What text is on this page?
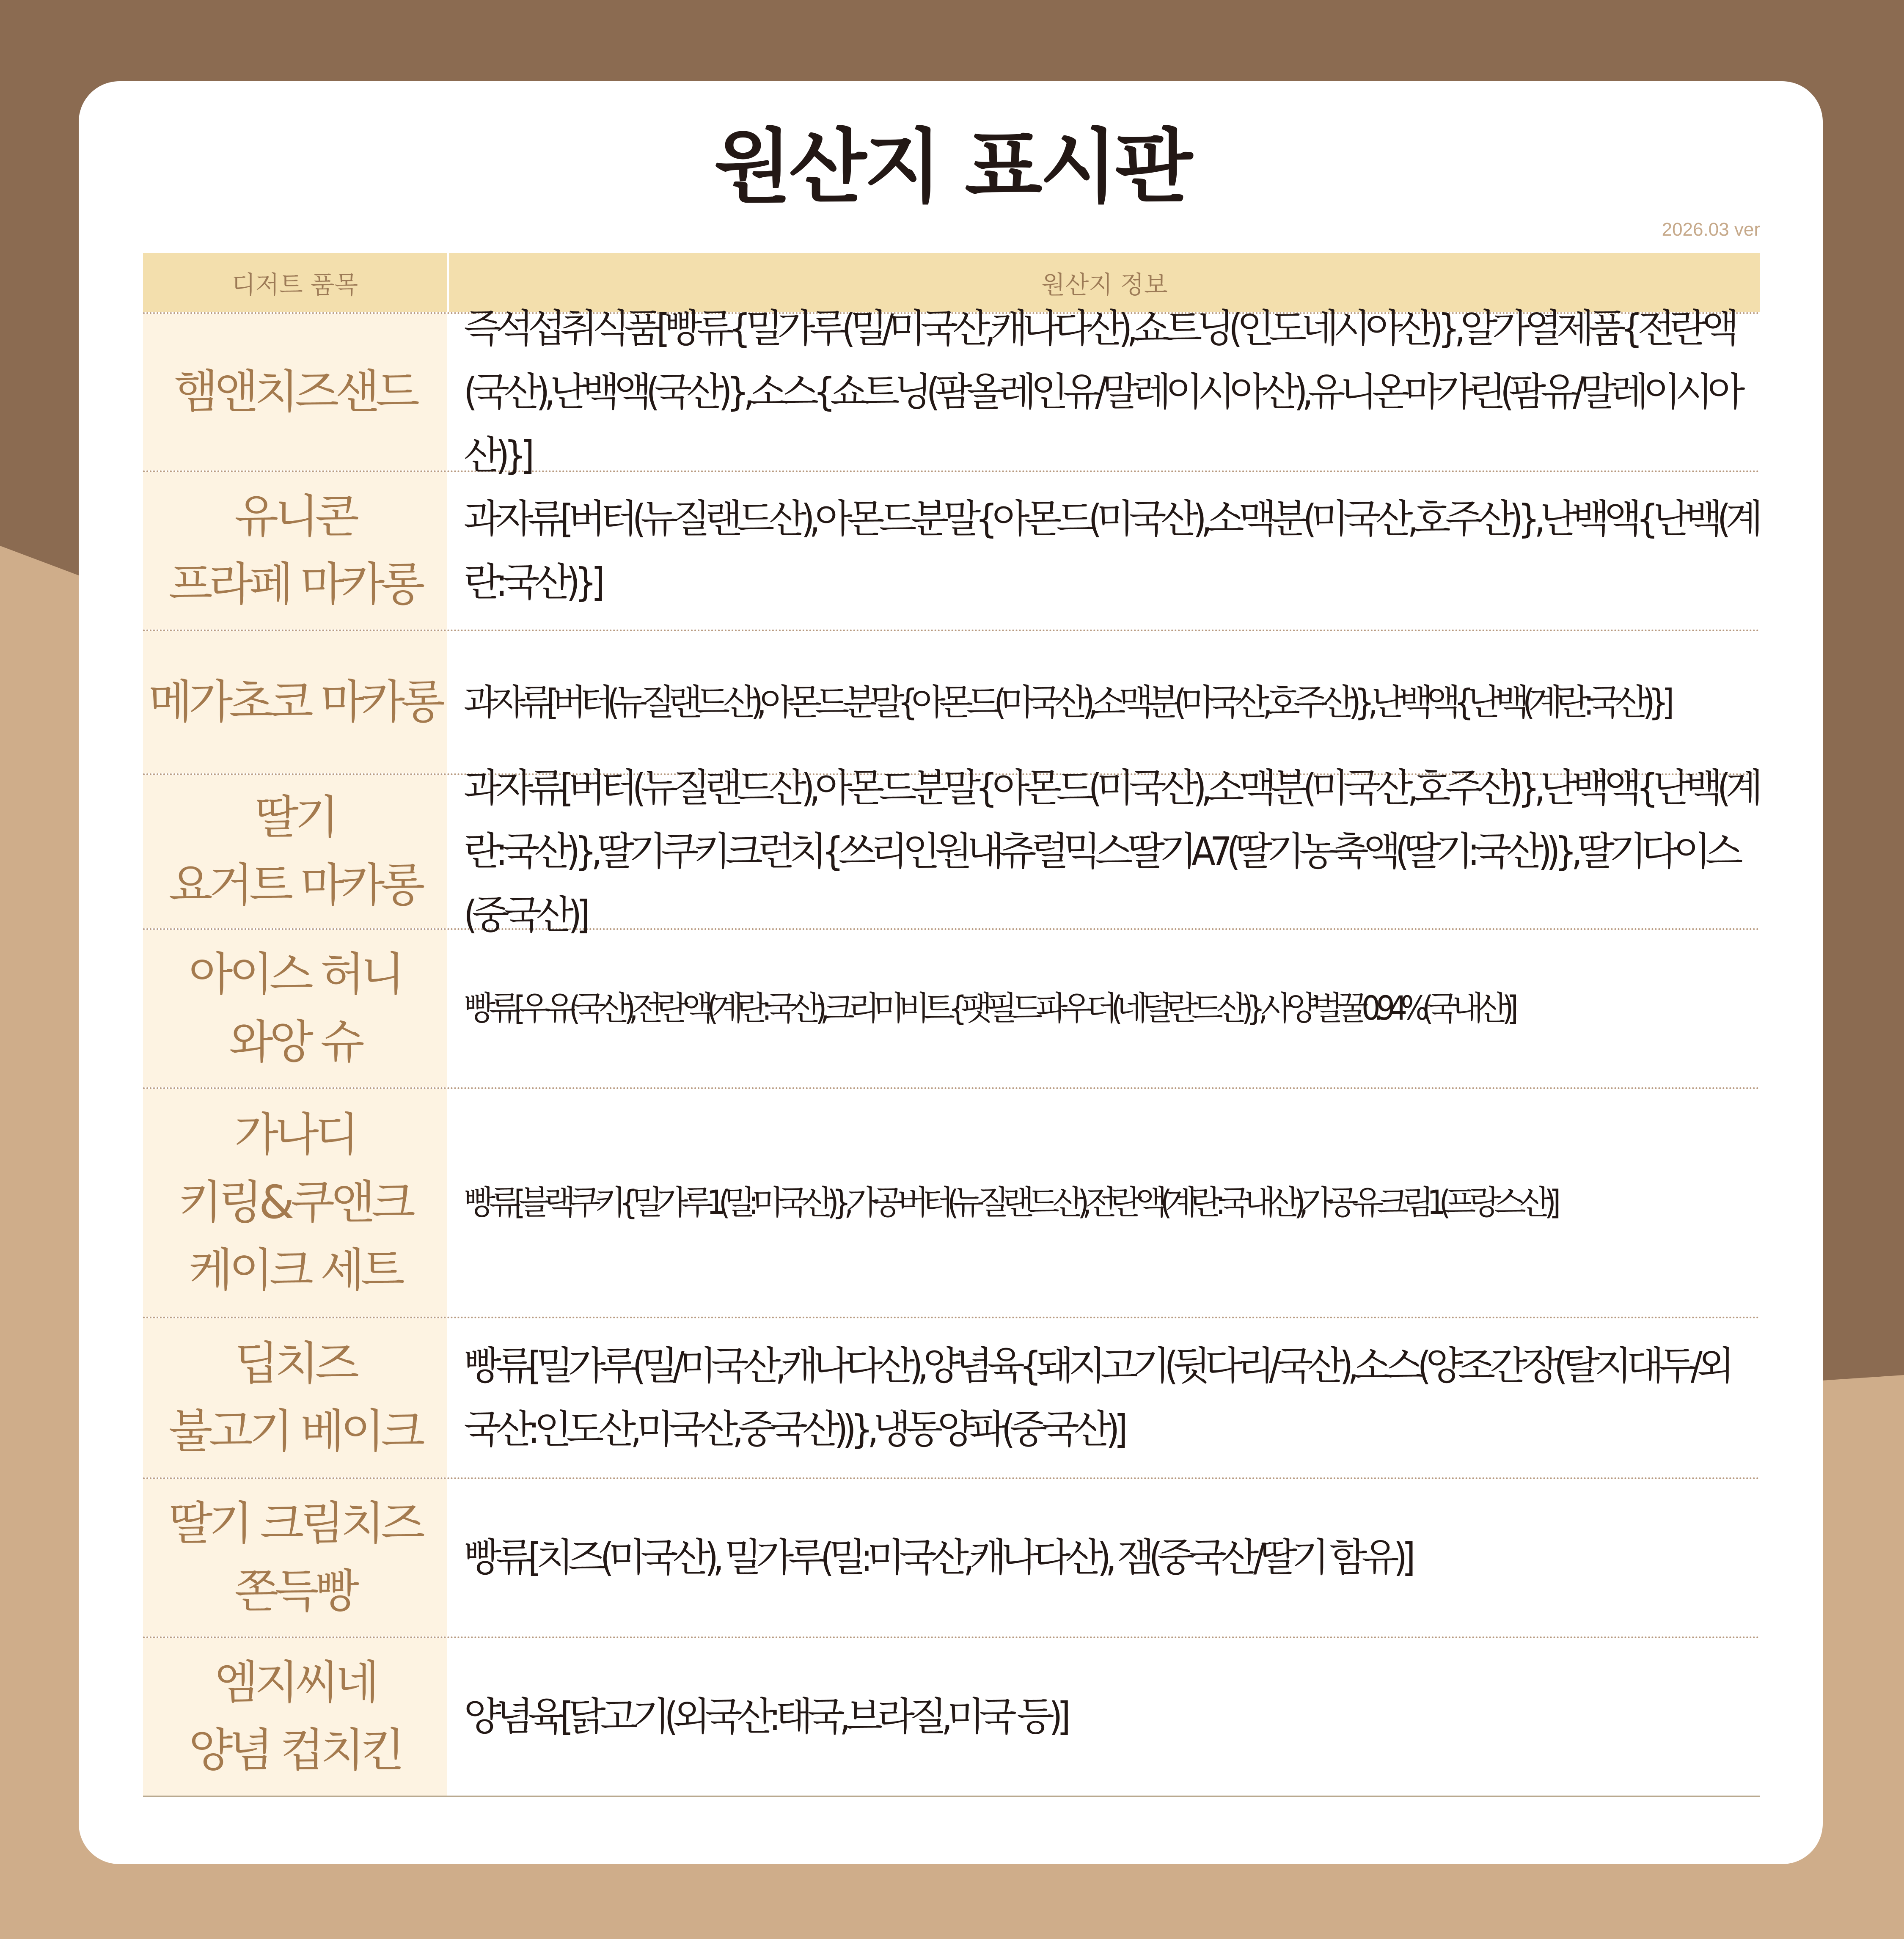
원산지 표시판
2026.03 ver
디저트 품목	원산지 정보
햄앤치즈샌드
즉석섭취식품[빵류{밀가루(밀/미국산,캐나다산),쇼트닝(인도네시아산)},알가열제품{전란액(국산),난백액(국산)},소스{쇼트닝(팜올레인유/말레이시아산),유니온마가린(팜유/말레이시아산)}]
유니콘
프라페 마카롱
과자류[버터(뉴질랜드산),아몬드분말{아몬드(미국산),소맥분(미국산,호주산)},난백액{난백(계란:국산)}]
메가초코 마카롱 과자류[버터(뉴질랜드산),아몬드분말{아몬드(미국산),소맥분(미국산,호주산)},난백액{난백(계란:국산)}]
딸기
요거트 마카롱
과자류[버터(뉴질랜드산),아몬드분말{아몬드(미국산),소맥분(미국산,호주산)},난백액{난백(계란:국산)},딸기쿠키크런치{쓰리인원내츄럴믹스딸기A7(딸기농축액(딸기:국산))},딸기다이스(중국산)]
아이스 허니
와앙 슈
빵류[우유(국산),전란액(계란:국산),크리미비트{팻필드파우더(네덜란드산)},사양벌꿀0.94%(국내산)]
가나디
키링&쿠앤크
케이크 세트
빵류[블랙쿠키{밀가루1(밀:미국산)},가공버터(뉴질랜드산),전란액(계란:국내산),가공유크림1(프랑스산)]
딥치즈
불고기 베이크
빵류[밀가루(밀/미국산,캐나다산),양념육{돼지고기(뒷다리/국산),소스(양조간장(탈지대두/외국산:인도산,미국산,중국산))},냉동양파(중국산)]
딸기 크림치즈
쫀득빵
빵류[치즈(미국산), 밀가루(밀:미국산,캐나다산), 잼(중국산/딸기 함유)]
엠지씨네
양념 컵치킨
양념육[닭고기(외국산:태국,브라질,미국 등)]
